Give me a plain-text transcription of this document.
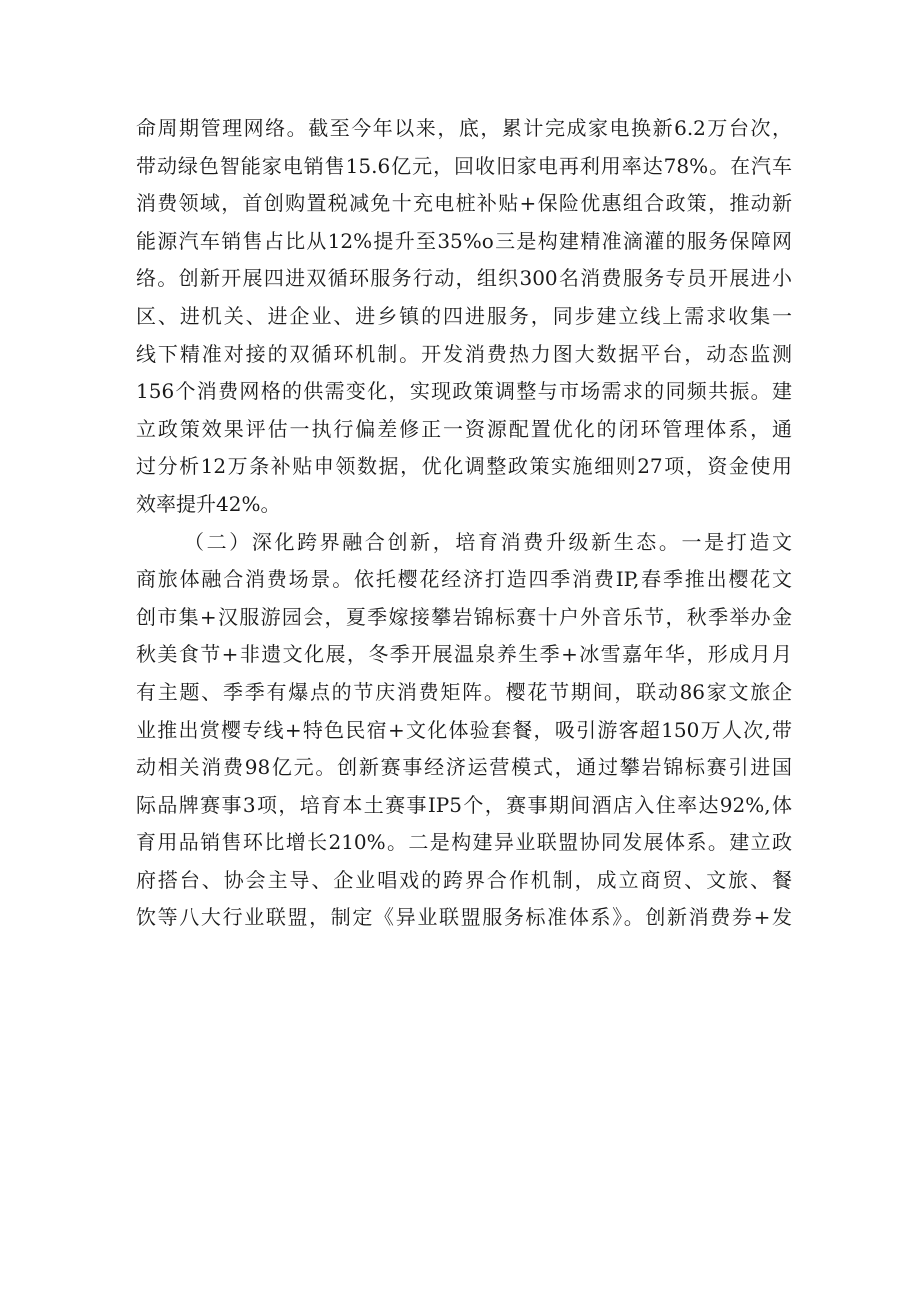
命周期管理网络。截至今年以来，底，累计完成家电换新6.2万台次，
带动绿色智能家电销售15.6亿元，回收旧家电再利用率达78%。在汽车
消费领域，首创购置税减免十充电桩补贴+保险优惠组合政策，推动新
能源汽车销售占比从12%提升至35%o三是构建精准滴灌的服务保障网
络。创新开展四进双循环服务行动，组织300名消费服务专员开展进小
区、进机关、进企业、进乡镇的四进服务，同步建立线上需求收集一
线下精准对接的双循环机制。开发消费热力图大数据平台，动态监测
156个消费网格的供需变化，实现政策调整与市场需求的同频共振。建
立政策效果评估一执行偏差修正一资源配置优化的闭环管理体系，通
过分析12万条补贴申领数据，优化调整政策实施细则27项，资金使用
效率提升42%。
（二）深化跨界融合创新，培育消费升级新生态。一是打造文
商旅体融合消费场景。依托樱花经济打造四季消费IP,春季推出樱花文
创市集+汉服游园会，夏季嫁接攀岩锦标赛十户外音乐节，秋季举办金
秋美食节+非遗文化展，冬季开展温泉养生季+冰雪嘉年华，形成月月
有主题、季季有爆点的节庆消费矩阵。樱花节期间，联动86家文旅企
业推出赏樱专线+特色民宿+文化体验套餐，吸引游客超150万人次,带
动相关消费98亿元。创新赛事经济运营模式，通过攀岩锦标赛引进国
际品牌赛事3项，培育本土赛事IP5个，赛事期间酒店入住率达92%,体
育用品销售环比增长210%。二是构建异业联盟协同发展体系。建立政
府搭台、协会主导、企业唱戏的跨界合作机制，成立商贸、文旅、餐
饮等八大行业联盟，制定《异业联盟服务标准体系》。创新消费券+发
